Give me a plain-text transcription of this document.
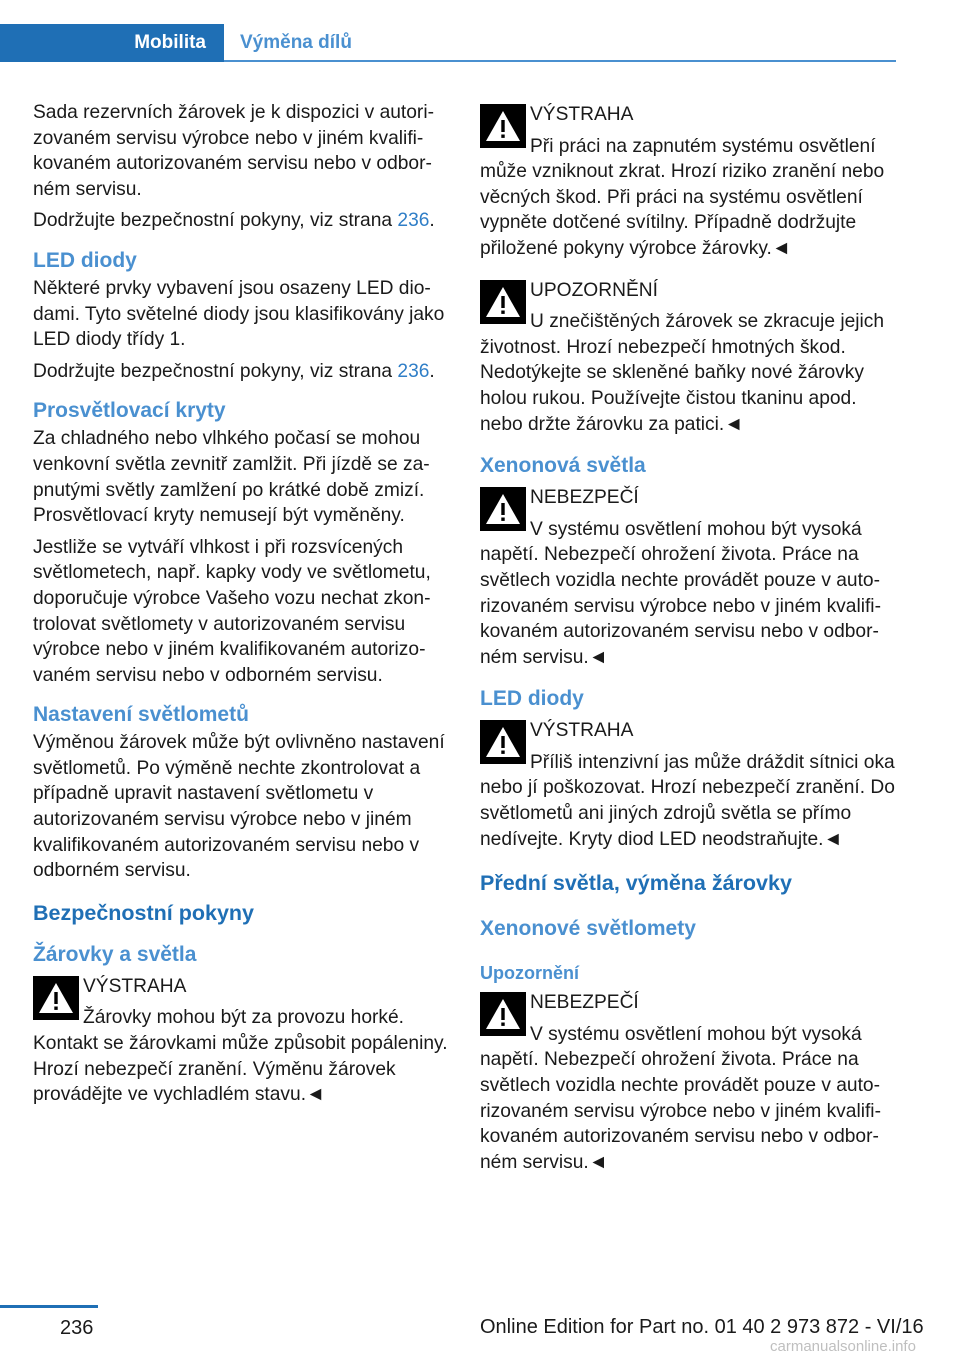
Mobilita	Výměna dílů

Sada rezervních žárovek je k dispozici v autorizovaném servisu výrobce nebo v jiném kvalifikovaném autorizovaném servisu nebo v odborném servisu.

Dodržujte bezpečnostní pokyny, viz strana 236.

LED diody

Některé prvky vybavení jsou osazeny LED diodami. Tyto světelné diody jsou klasifikovány jako LED diody třídy 1.

Dodržujte bezpečnostní pokyny, viz strana 236.

Prosvětlovací kryty

Za chladného nebo vlhkého počasí se mohou venkovní světla zevnitř zamlžit. Při jízdě se zapnutými světly zamlžení po krátké době zmizí. Prosvětlovací kryty nemusejí být vyměněny.

Jestliže se vytváří vlhkost i při rozsvícených světlometech, např. kapky vody ve světlometu, doporučuje výrobce Vašeho vozu nechat zkontrolovat světlomety v autorizovaném servisu výrobce nebo v jiném kvalifikovaném autorizovaném servisu nebo v odborném servisu.

Nastavení světlometů

Výměnou žárovek může být ovlivněno nastavení světlometů. Po výměně nechte zkontrolovat a případně upravit nastavení světlometu v autorizovaném servisu výrobce nebo v jiném kvalifikovaném autorizovaném servisu nebo v odborném servisu.

Bezpečnostní pokyny
Žárovky a světla
VÝSTRAHA
Žárovky mohou být za provozu horké. Kontakt se žárovkami může způsobit popáleniny. Hrozí nebezpečí zranění. Výměnu žárovek provádějte ve vychladlém stavu.◄
VÝSTRAHA
Při práci na zapnutém systému osvětlení může vzniknout zkrat. Hrozí riziko zranění nebo věcných škod. Při práci na systému osvětlení vypněte dotčené svítilny. Případně dodržujte přiložené pokyny výrobce žárovky.◄
UPOZORNĚNÍ
U znečištěných žárovek se zkracuje jejich životnost. Hrozí nebezpečí hmotných škod. Nedotýkejte se skleněné baňky nové žárovky holou rukou. Používejte čistou tkaninu apod. nebo držte žárovku za patici.◄
Xenonová světla
NEBEZPEČÍ
V systému osvětlení mohou být vysoká napětí. Nebezpečí ohrožení života. Práce na světlech vozidla nechte provádět pouze v autorizovaném servisu výrobce nebo v jiném kvalifikovaném autorizovaném servisu nebo v odborném servisu.◄
LED diody
VÝSTRAHA
Příliš intenzivní jas může dráždit sítnici oka nebo jí poškozovat. Hrozí nebezpečí zranění. Do světlometů ani jiných zdrojů světla se přímo nedívejte. Kryty diod LED neodstraňujte.◄
Přední světla, výměna žárovky
Xenonové světlomety
Upozornění
NEBEZPEČÍ
V systému osvětlení mohou být vysoká napětí. Nebezpečí ohrožení života. Práce na světlech vozidla nechte provádět pouze v autorizovaném servisu výrobce nebo v jiném kvalifikovaném autorizovaném servisu nebo v odborném servisu.◄
236	Online Edition for Part no. 01 40 2 973 872 - VI/16
carmanualsonline.info
